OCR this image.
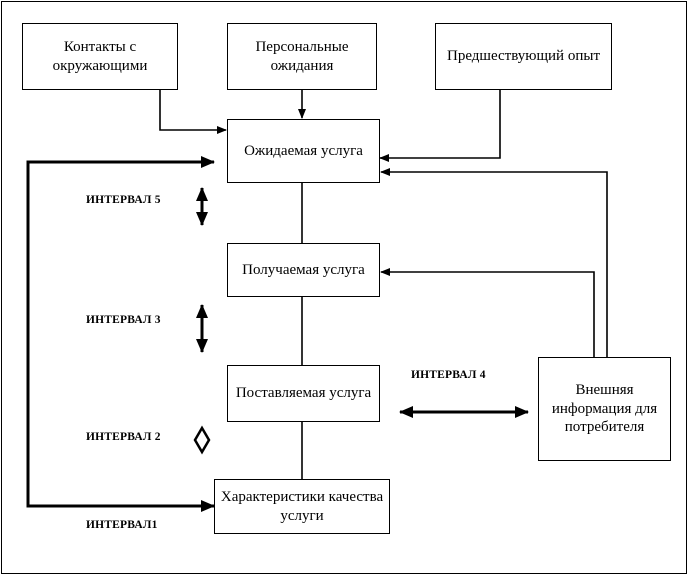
Контакты с окружающими
Персональные ожидания
Предшествующий опыт
Ожидаемая услуга
Получаемая услуга
Поставляемая услуга
Характеристики качества услуги
Внешняя информация для потребителя
ИНТЕРВАЛ 5
ИНТЕРВАЛ 3
ИНТЕРВАЛ 4
ИНТЕРВАЛ 2
ИНТЕРВАЛ1
